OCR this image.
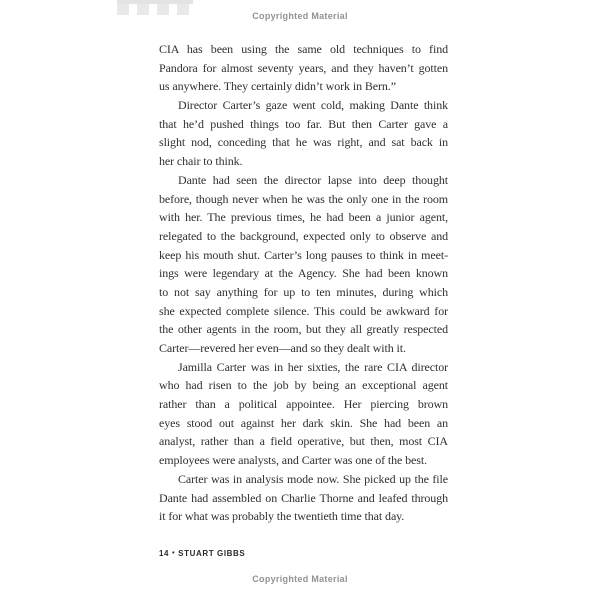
Copyrighted Material
CIA has been using the same old techniques to find
Pandora for almost seventy years, and they haven’t gotten
us anywhere. They certainly didn’t work in Bern.”
Director Carter’s gaze went cold, making Dante think
that he’d pushed things too far. But then Carter gave a
slight nod, conceding that he was right, and sat back in
her chair to think.
Dante had seen the director lapse into deep thought
before, though never when he was the only one in the room
with her. The previous times, he had been a junior agent,
relegated to the background, expected only to observe and
keep his mouth shut. Carter’s long pauses to think in meet-
ings were legendary at the Agency. She had been known
to not say anything for up to ten minutes, during which
she expected complete silence. This could be awkward for
the other agents in the room, but they all greatly respected
Carter—revered her even—and so they dealt with it.
Jamilla Carter was in her sixties, the rare CIA director
who had risen to the job by being an exceptional agent
rather than a political appointee. Her piercing brown
eyes stood out against her dark skin. She had been an
analyst, rather than a field operative, but then, most CIA
employees were analysts, and Carter was one of the best.
Carter was in analysis mode now. She picked up the file
Dante had assembled on Charlie Thorne and leafed through
it for what was probably the twentieth time that day.
14 • STUART GIBBS
Copyrighted Material
